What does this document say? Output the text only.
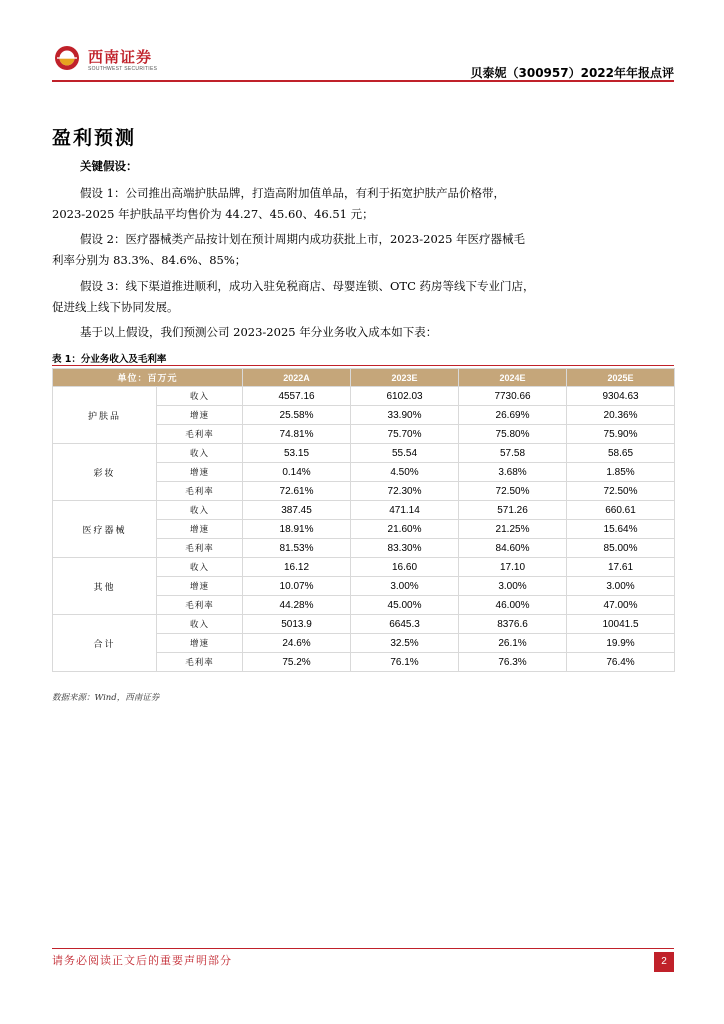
西南证券
SOUTHWEST SECURITIES	贝泰妮（300957）2022年年报点评
盈利预测
关键假设：

假设 1：公司推出高端护肤品牌，打造高附加值单品，有利于拓宽护肤产品价格带，

2023-2025 年护肤品平均售价为 44.27、45.60、46.51 元；

假设 2：医疗器械类产品按计划在预计周期内成功获批上市，2023-2025 年医疗器械毛

利率分别为 83.3%、84.6%、85%；

假设 3：线下渠道推进顺利，成功入驻免税商店、母婴连锁、OTC 药房等线下专业门店，

促进线上线下协同发展。

基于以上假设，我们预测公司 2023-2025 年分业务收入成本如下表：

表 1：分业务收入及毛利率
单位：百万元		2022A	2023E	2024E	2025E
护肤品	收入	4557.16	6102.03	7730.66	9304.63
	增速	25.58%	33.90%	26.69%	20.36%
	毛利率	74.81%	75.70%	75.80%	75.90%
彩妆	收入	53.15	55.54	57.58	58.65
	增速	0.14%	4.50%	3.68%	1.85%
	毛利率	72.61%	72.30%	72.50%	72.50%
医疗器械	收入	387.45	471.14	571.26	660.61
	增速	18.91%	21.60%	21.25%	15.64%
	毛利率	81.53%	83.30%	84.60%	85.00%
其他	收入	16.12	16.60	17.10	17.61
	增速	10.07%	3.00%	3.00%	3.00%
	毛利率	44.28%	45.00%	46.00%	47.00%
合计	收入	5013.9	6645.3	8376.6	10041.5
	增速	24.6%	32.5%	26.1%	19.9%
	毛利率	75.2%	76.1%	76.3%	76.4%
数据来源：Wind，西南证券
请务必阅读正文后的重要声明部分	2
